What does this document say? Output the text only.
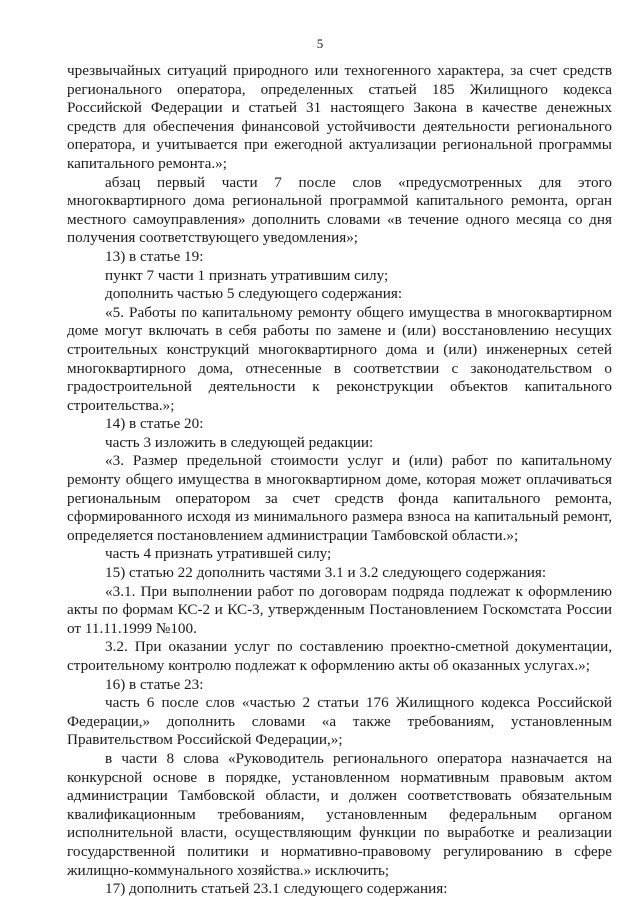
5

чрезвычайных ситуаций природного или техногенного характера, за счет средств регионального оператора, определенных статьей 185 Жилищного кодекса Российской Федерации и статьей 31 настоящего Закона в качестве денежных средств для обеспечения финансовой устойчивости деятельности регионального оператора, и учитывается при ежегодной актуализации региональной программы капитального ремонта.»;

абзац первый части 7 после слов «предусмотренных для этого многоквартирного дома региональной программой капитального ремонта, орган местного самоуправления» дополнить словами «в течение одного месяца со дня получения соответствующего уведомления»;

13) в статье 19:

пункт 7 части 1 признать утратившим силу;

дополнить частью 5 следующего содержания:

«5. Работы по капитальному ремонту общего имущества в многоквартирном доме могут включать в себя работы по замене и (или) восстановлению несущих строительных конструкций многоквартирного дома и (или) инженерных сетей многоквартирного дома, отнесенные в соответствии с законодательством о градостроительной деятельности к реконструкции объектов капитального строительства.»;

14) в статье 20:

часть 3 изложить в следующей редакции:

«3. Размер предельной стоимости услуг и (или) работ по капитальному ремонту общего имущества в многоквартирном доме, которая может оплачиваться региональным оператором за счет средств фонда капитального ремонта, сформированного исходя из минимального размера взноса на капитальный ремонт, определяется постановлением администрации Тамбовской области.»;

часть 4 признать утратившей силу;

15) статью 22 дополнить частями 3.1 и 3.2 следующего содержания:

«3.1. При выполнении работ по договорам подряда подлежат к оформлению акты по формам КС-2 и КС-3, утвержденным Постановлением Госкомстата России от 11.11.1999 №100.

3.2. При оказании услуг по составлению проектно-сметной документации, строительному контролю подлежат к оформлению акты об оказанных услугах.»;

16) в статье 23:

часть 6 после слов «частью 2 статьи 176 Жилищного кодекса Российской Федерации,» дополнить словами «а также требованиям, установленным Правительством Российской Федерации,»;

в части 8 слова «Руководитель регионального оператора назначается на конкурсной основе в порядке, установленном нормативным правовым актом администрации Тамбовской области, и должен соответствовать обязательным квалификационным требованиям, установленным федеральным органом исполнительной власти, осуществляющим функции по выработке и реализации государственной политики и нормативно-правовому регулированию в сфере жилищно-коммунального хозяйства.» исключить;

17) дополнить статьей 23.1 следующего содержания:
